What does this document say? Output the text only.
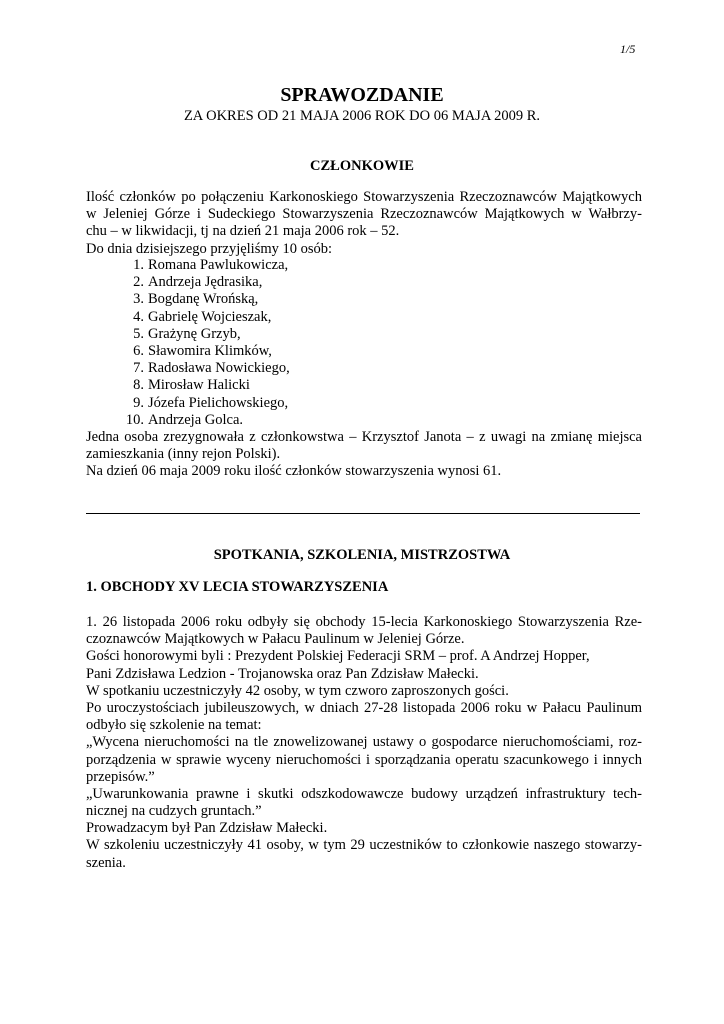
1/5
SPRAWOZDANIE
ZA OKRES OD 21 MAJA 2006 ROK DO 06 MAJA 2009 R.
CZŁONKOWIE
Ilość członków po połączeniu Karkonoskiego Stowarzyszenia Rzeczoznawców Majątkowych
w Jeleniej Górze i Sudeckiego Stowarzyszenia Rzeczoznawców Majątkowych w Wałbrzy-
chu – w likwidacji, tj na dzień 21 maja 2006 rok – 52.
Do dnia dzisiejszego przyjęliśmy 10 osób:
1. Romana Pawlukowicza,
2. Andrzeja Jędrasika,
3. Bogdanę Wrońską,
4. Gabrielę Wojcieszak,
5. Grażynę Grzyb,
6. Sławomira Klimków,
7. Radosława Nowickiego,
8. Mirosław Halicki
9. Józefa Pielichowskiego,
10. Andrzeja Golca.
Jedna osoba zrezygnowała z członkowstwa – Krzysztof Janota – z uwagi na zmianę miejsca
zamieszkania (inny rejon Polski).
Na dzień 06 maja 2009 roku ilość członków stowarzyszenia wynosi 61.
SPOTKANIA, SZKOLENIA, MISTRZOSTWA
1. OBCHODY XV LECIA STOWARZYSZENIA
1. 26 listopada 2006 roku odbyły się obchody 15-lecia Karkonoskiego Stowarzyszenia Rze-
czoznawców Majątkowych w Pałacu Paulinum w Jeleniej Górze.
Gości honorowymi byli : Prezydent Polskiej Federacji SRM – prof. A Andrzej Hopper,
Pani Zdzisława Ledzion - Trojanowska oraz Pan Zdzisław Małecki.
W spotkaniu uczestniczyły 42 osoby, w tym czworo zaproszonych gości.
Po uroczystościach jubileuszowych, w dniach 27-28 listopada 2006 roku w Pałacu Paulinum
odbyło się szkolenie na temat:
„Wycena nieruchomości na tle znowelizowanej ustawy o gospodarce nieruchomościami, roz-
porządzenia w sprawie wyceny nieruchomości i sporządzania operatu szacunkowego i innych
przepisów.”
„Uwarunkowania prawne i skutki odszkodowawcze budowy urządzeń infrastruktury tech-
nicznej na cudzych gruntach.”
Prowadzacym był Pan Zdzisław Małecki.
W szkoleniu uczestniczyły 41 osoby, w tym 29 uczestników to członkowie naszego stowarzy-
szenia.
